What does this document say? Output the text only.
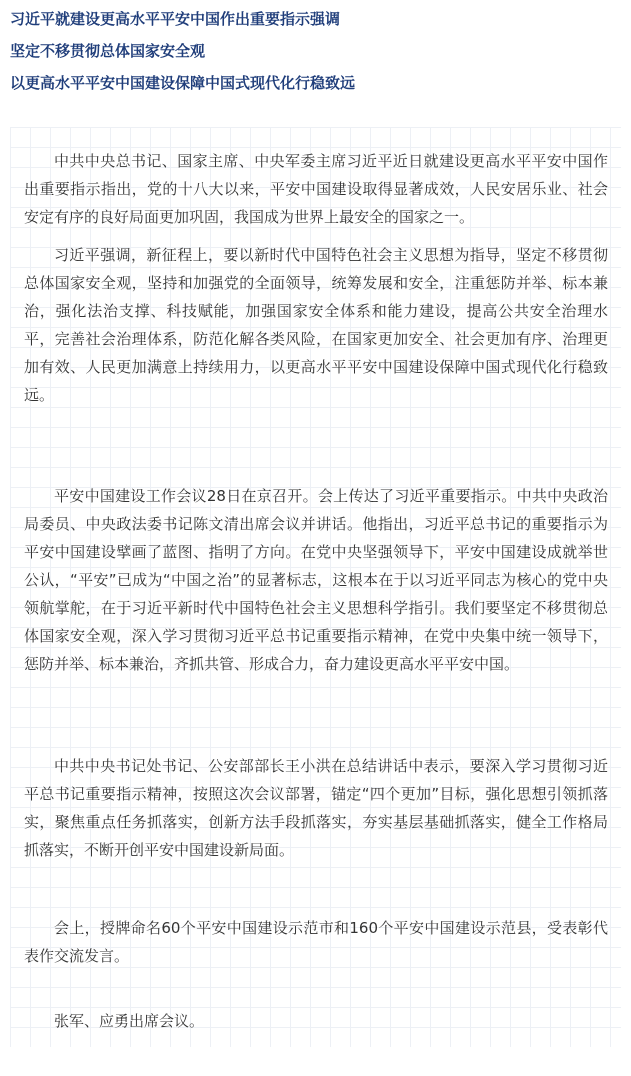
习近平就建设更高水平平安中国作出重要指示强调
坚定不移贯彻总体国家安全观
以更高水平平安中国建设保障中国式现代化行稳致远

中共中央总书记、国家主席、中央军委主席习近平近日就建设更高水平平安中国作出重要指示指出，党的十八大以来，平安中国建设取得显著成效，人民安居乐业、社会安定有序的良好局面更加巩固，我国成为世界上最安全的国家之一。

习近平强调，新征程上，要以新时代中国特色社会主义思想为指导，坚定不移贯彻总体国家安全观，坚持和加强党的全面领导，统筹发展和安全，注重惩防并举、标本兼治，强化法治支撑、科技赋能，加强国家安全体系和能力建设，提高公共安全治理水平，完善社会治理体系，防范化解各类风险，在国家更加安全、社会更加有序、治理更加有效、人民更加满意上持续用力，以更高水平平安中国建设保障中国式现代化行稳致远。

平安中国建设工作会议28日在京召开。会上传达了习近平重要指示。中共中央政治局委员、中央政法委书记陈文清出席会议并讲话。他指出，习近平总书记的重要指示为平安中国建设擘画了蓝图、指明了方向。在党中央坚强领导下，平安中国建设成就举世公认，“平安”已成为“中国之治”的显著标志，这根本在于以习近平同志为核心的党中央领航掌舵，在于习近平新时代中国特色社会主义思想科学指引。我们要坚定不移贯彻总体国家安全观，深入学习贯彻习近平总书记重要指示精神，在党中央集中统一领导下，惩防并举、标本兼治，齐抓共管、形成合力，奋力建设更高水平平安中国。

中共中央书记处书记、公安部部长王小洪在总结讲话中表示，要深入学习贯彻习近平总书记重要指示精神，按照这次会议部署，锚定“四个更加”目标，强化思想引领抓落实，聚焦重点任务抓落实，创新方法手段抓落实，夯实基层基础抓落实，健全工作格局抓落实，不断开创平安中国建设新局面。

会上，授牌命名60个平安中国建设示范市和160个平安中国建设示范县，受表彰代表作交流发言。

张军、应勇出席会议。
